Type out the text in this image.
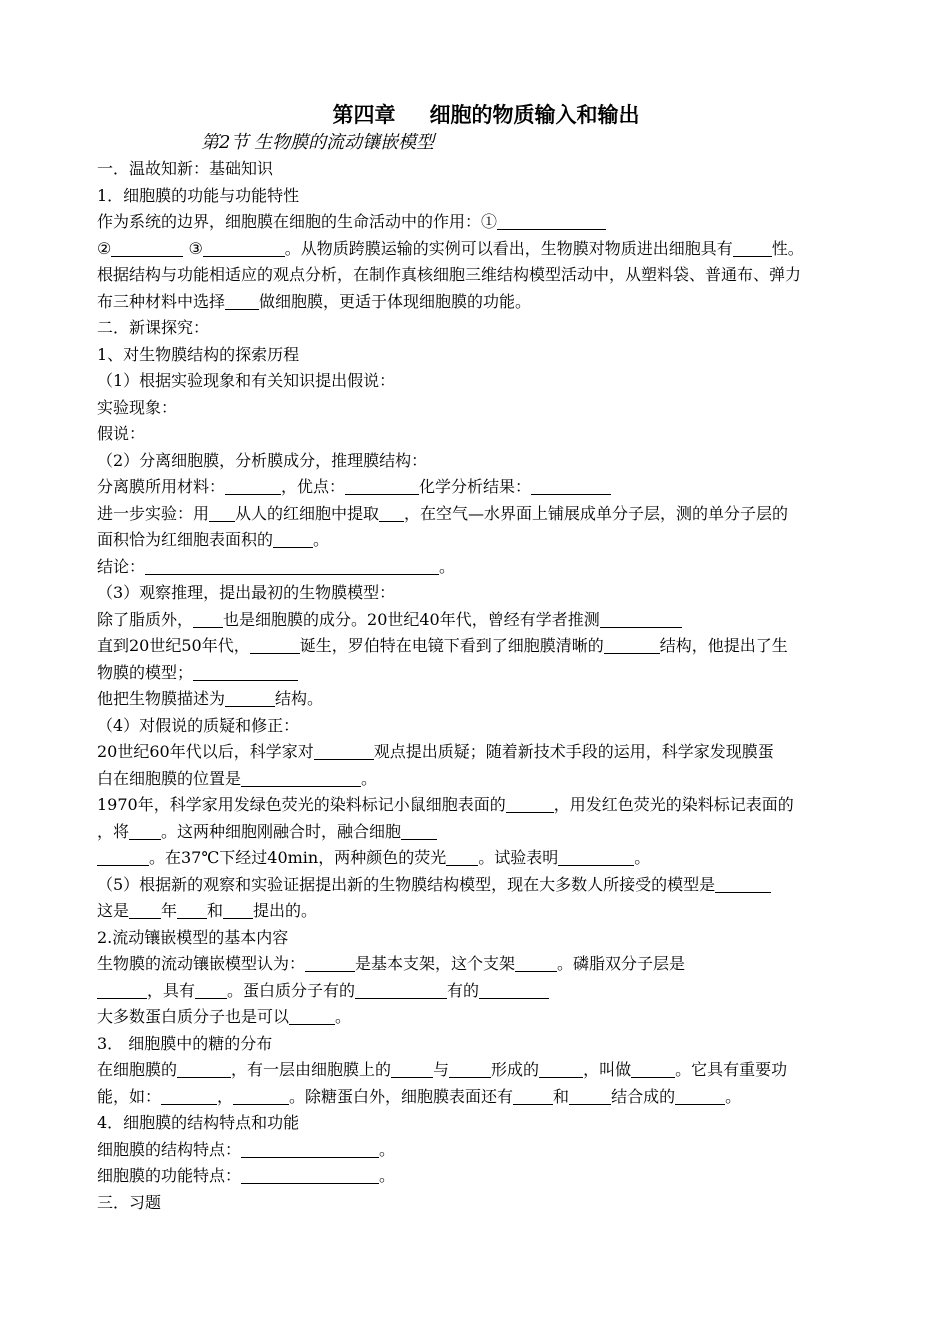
第四章 细胞的物质输入和输出
第2节 生物膜的流动镶嵌模型
一．温故知新：基础知识
1．细胞膜的功能与功能特性
作为系统的边界，细胞膜在细胞的生命活动中的作用：①
②	③	。从物质跨膜运输的实例可以看出，生物膜对物质进出细胞具有 性。
根据结构与功能相适应的观点分析，在制作真核细胞三维结构模型活动中，从塑料袋、普通布、弹力
布三种材料中选择 做细胞膜，更适于体现细胞膜的功能。
二．新课探究：
1、对生物膜结构的探索历程
（1）根据实验现象和有关知识提出假说：
实验现象：
假说：
（2）分离细胞膜，分析膜成分，推理膜结构：
分离膜所用材料：	，优点：	化学分析结果：
进一步实验：用 从人的红细胞中提取 ，在空气—水界面上铺展成单分子层，测的单分子层的
面积恰为红细胞表面积的	。
结论：	。
（3）观察推理，提出最初的生物膜模型：
除了脂质外， 也是细胞膜的成分。20世纪40年代，曾经有学者推测
直到20世纪50年代，	诞生，罗伯特在电镜下看到了细胞膜清晰的	结构，他提出了生
物膜的模型；
他把生物膜描述为	结构。
（4）对假说的质疑和修正：
20世纪60年代以后，科学家对	观点提出质疑；随着新技术手段的运用，科学家发现膜蛋
白在细胞膜的位置是	。
1970年，科学家用发绿色荧光的染料标记小鼠细胞表面的	，用发红色荧光的染料标记表面的
，将 。这两种细胞刚融合时，融合细胞
。在37℃下经过40min，两种颜色的荧光 。试验表明	。
（5）根据新的观察和实验证据提出新的生物膜结构模型，现在大多数人所接受的模型是
这是 年 和 提出的。
2.流动镶嵌模型的基本内容
生物膜的流动镶嵌模型认为：	是基本支架，这个支架	。磷脂双分子层是
，具有 。蛋白质分子有的	有的
大多数蛋白质分子也是可以	。
3． 细胞膜中的糖的分布
在细胞膜的	，有一层由细胞膜上的	与	形成的	，叫做	。它具有重要功
能，如：	，	。除糖蛋白外，细胞膜表面还有	和	结合成的	。
4．细胞膜的结构特点和功能
细胞膜的结构特点：	。
细胞膜的功能特点：	。
三．习题
